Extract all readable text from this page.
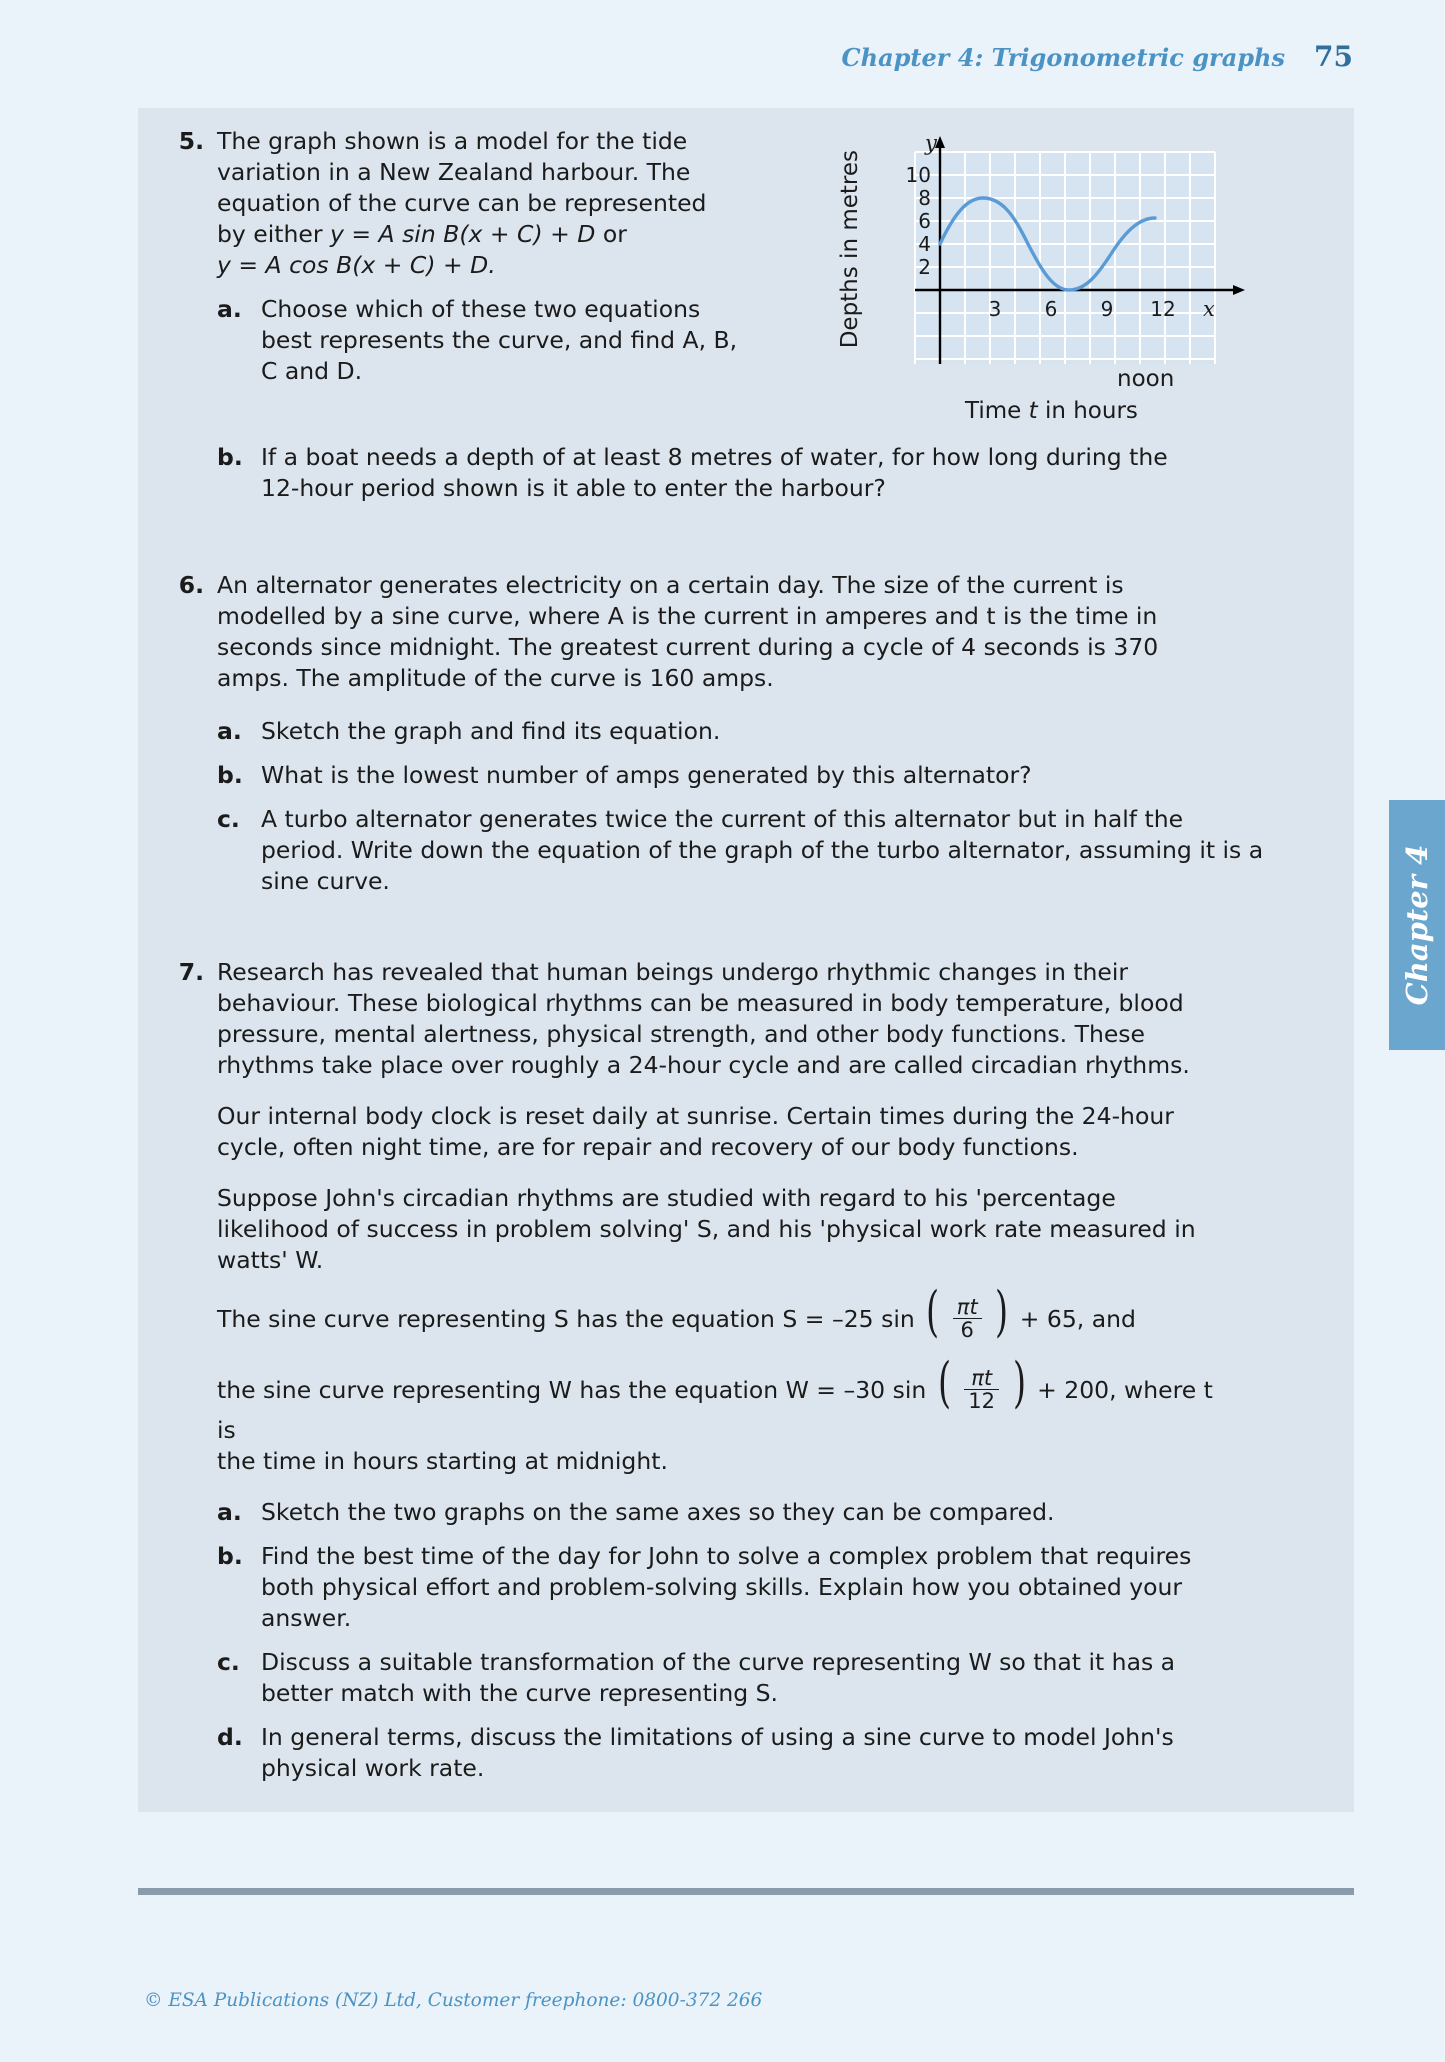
Chapter 4: Trigonometric graphs 75
Chapter 4
5. The graph shown is a model for the tide
variation in a New Zealand harbour. The
equation of the curve can be represented
by either y = A sin B(x + C) + D or
y = A cos B(x + C) + D.
a. Choose which of these two equations
best represents the curve, and find A, B,
C and D.
Depths in metres 10
8
6
4
2
3 6 9 12
y
x
noon
Time t in hours
b. If a boat needs a depth of at least 8 metres of water, for how long during the
12-hour period shown is it able to enter the harbour?
6. An alternator generates electricity on a certain day. The size of the current is modelled by a sine curve, where A is the current in amperes and t is the time in seconds since midnight. The greatest current during a cycle of 4 seconds is 370 amps. The amplitude of the curve is 160 amps.
a. Sketch the graph and find its equation.
b. What is the lowest number of amps generated by this alternator?
c. A turbo alternator generates twice the current of this alternator but in half the period. Write down the equation of the graph of the turbo alternator, assuming it is a sine curve.
7. Research has revealed that human beings undergo rhythmic changes in their behaviour. These biological rhythms can be measured in body temperature, blood pressure, mental alertness, physical strength, and other body functions. These rhythms take place over roughly a 24-hour cycle and are called circadian rhythms.
Our internal body clock is reset daily at sunrise. Certain times during the 24-hour cycle, often night time, are for repair and recovery of our body functions.
Suppose John's circadian rhythms are studied with regard to his 'percentage likelihood of success in problem solving' S, and his 'physical work rate measured in watts' W.
The sine curve representing S has the equation S = –25 sin ( $\frac{\pi t}{6}$ ) + 65, and
the sine curve representing W has the equation W = –30 sin ( $\frac{\pi t}{12}$ ) + 200, where t is
the time in hours starting at midnight.
a. Sketch the two graphs on the same axes so they can be compared.
b. Find the best time of the day for John to solve a complex problem that requires both physical effort and problem-solving skills. Explain how you obtained your answer.
c. Discuss a suitable transformation of the curve representing W so that it has a better match with the curve representing S.
d. In general terms, discuss the limitations of using a sine curve to model John's physical work rate.
© ESA Publications (NZ) Ltd, Customer freephone: 0800-372 266
